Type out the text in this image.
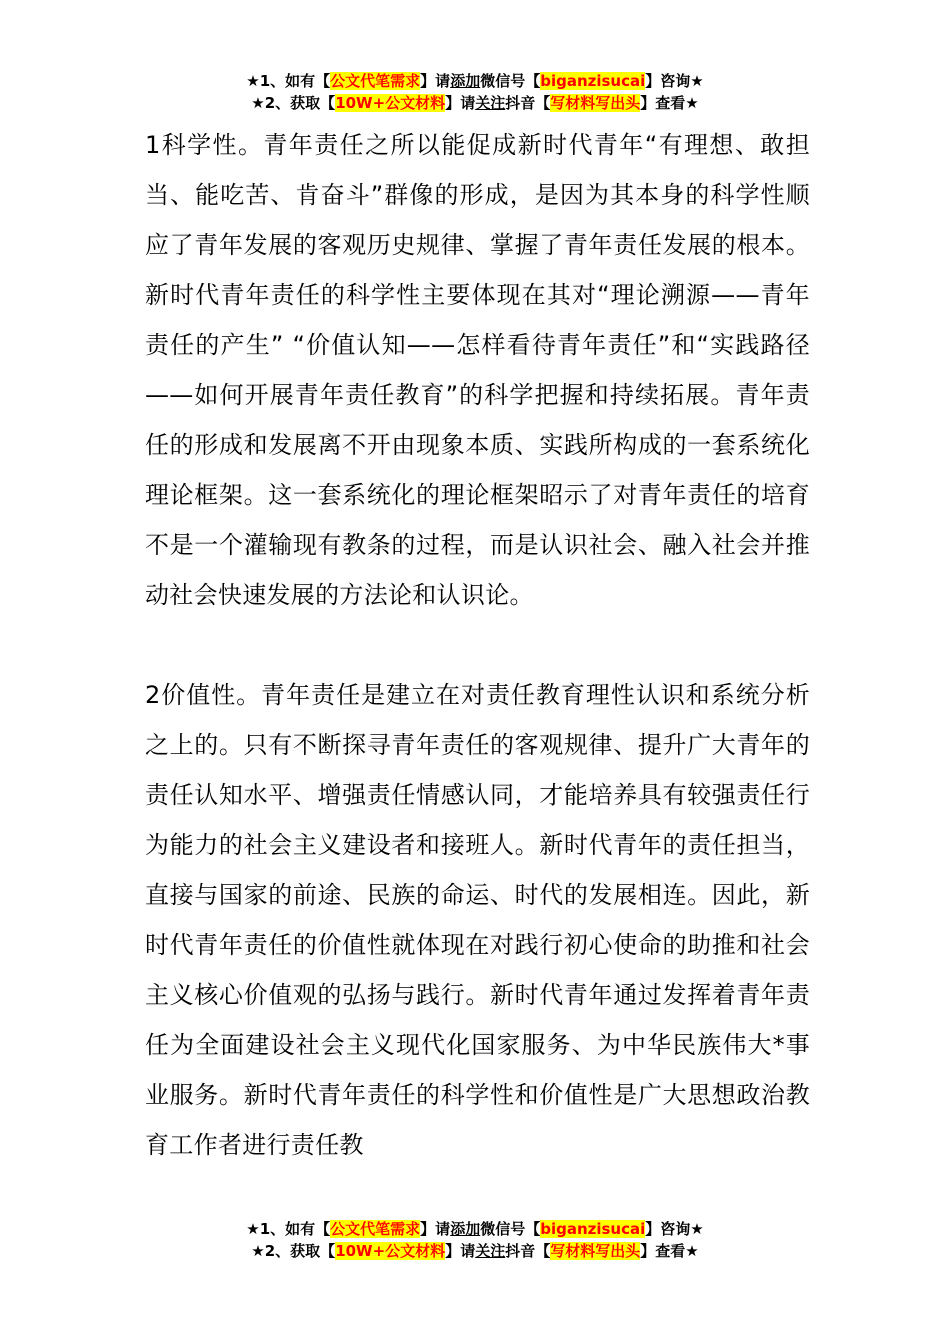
★1、如有【公文代笔需求】请添加微信号【biganzisucai】咨询★
★2、获取【10W+公文材料】请关注抖音【写材料写出头】查看★

1科学性。青年责任之所以能促成新时代青年“有理想、敢担当、能吃苦、肯奋斗”群像的形成，是因为其本身的科学性顺应了青年发展的客观历史规律、掌握了青年责任发展的根本。新时代青年责任的科学性主要体现在其对“理论溯源——青年责任的产生” “价值认知——怎样看待青年责任”和“实践路径——如何开展青年责任教育”的科学把握和持续拓展。青年责任的形成和发展离不开由现象本质、实践所构成的一套系统化理论框架。这一套系统化的理论框架昭示了对青年责任的培育不是一个灌输现有教条的过程，而是认识社会、融入社会并推动社会快速发展的方法论和认识论。

2价值性。青年责任是建立在对责任教育理性认识和系统分析之上的。只有不断探寻青年责任的客观规律、提升广大青年的责任认知水平、增强责任情感认同，才能培养具有较强责任行为能力的社会主义建设者和接班人。新时代青年的责任担当，直接与国家的前途、民族的命运、时代的发展相连。因此，新时代青年责任的价值性就体现在对践行初心使命的助推和社会主义核心价值观的弘扬与践行。新时代青年通过发挥着青年责任为全面建设社会主义现代化国家服务、为中华民族伟大*事业服务。新时代青年责任的科学性和价值性是广大思想政治教育工作者进行责任教

★1、如有【公文代笔需求】请添加微信号【biganzisucai】咨询★
★2、获取【10W+公文材料】请关注抖音【写材料写出头】查看★
